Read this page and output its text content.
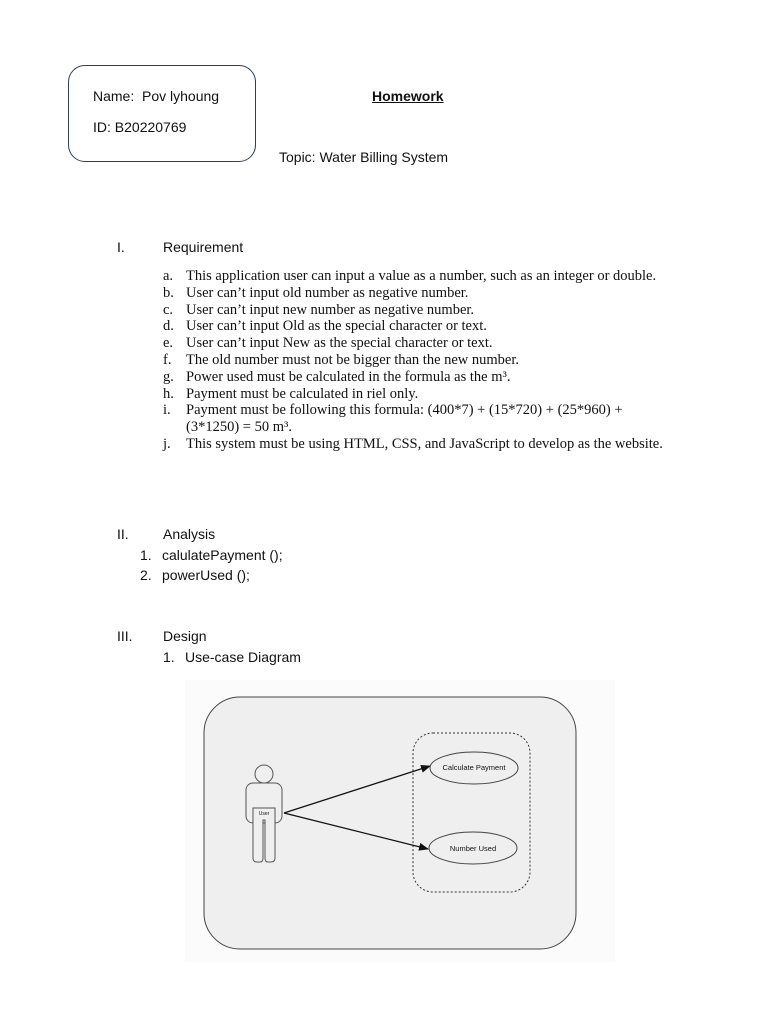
Name: Pov lyhoung
ID: B20220769
Homework
Topic: Water Billing System
I.	Requirement
a. This application user can input a value as a number, such as an integer or double.
b. User can’t input old number as negative number.
c. User can’t input new number as negative number.
d. User can’t input Old as the special character or text.
e. User can’t input New as the special character or text.
f.	The old number must not be bigger than the new number.
g. Power used must be calculated in the formula as the m³.
h. Payment must be calculated in riel only.
i.	Payment must be following this formula: (400*7) + (15*720) + (25*960) + (3*1250) = 50 m³.
j.	This system must be using HTML, CSS, and JavaScript to develop as the website.
II. Analysis
1. calulatePayment ();
2. powerUsed ();
III. Design
1. Use-case Diagram
User
Calculate Payment
Number Used
